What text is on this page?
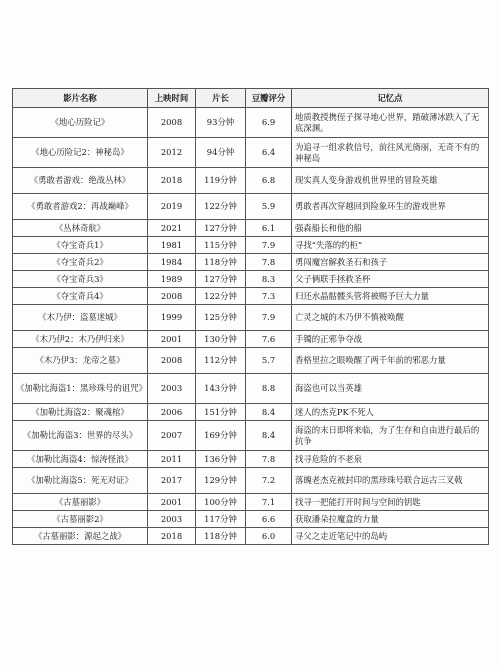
影片名称	上映时间	片长	豆瓣评分	记忆点
《地心历险记》	2008	93分钟	6.9	地质教授携侄子探寻地心世界，踏破薄冰跌入了无底深渊。
《地心历险记2：神秘岛》	2012	94分钟	6.4	为追寻一组求救信号，前往风光旖丽，无奇不有的神秘岛
《勇敢者游戏：绝战丛林》	2018	119分钟	6.8	现实真人变身游戏机世界里的冒险英雄
《勇敢者游戏2：再战巅峰》	2019	122分钟	5.9	勇敢者再次穿越回到险象环生的游戏世界
《丛林奇航》	2021	127分钟	6.1	强森船长和他的船
《夺宝奇兵1》	1981	115分钟	7.9	寻找“失落的约柜”
《夺宝奇兵2》	1984	118分钟	7.8	勇闯魔宫解救圣石和孩子
《夺宝奇兵3》	1989	127分钟	8.3	父子俩联手拯救圣杯
《夺宝奇兵4》	2008	122分钟	7.3	归还水晶骷髅头管将被赐予巨大力量
《木乃伊：盗墓迷城》	1999	125分钟	7.9	亡灵之城的木乃伊不慎被唤醒
《木乃伊2：木乃伊归来》	2001	130分钟	7.6	手镯的正邪争夺战
《木乃伊3：龙帝之墓》	2008	112分钟	5.7	香格里拉之眼唤醒了两千年前的邪恶力量
《加勒比海盗1：黑珍珠号的诅咒》	2003	143分钟	8.8	海盗也可以当英雄
《加勒比海盗2：聚魂棺》	2006	151分钟	8.4	迷人的杰克PK不死人
《加勒比海盗3：世界的尽头》	2007	169分钟	8.4	海盗的末日即将来临，为了生存和自由进行最后的抗争
《加勒比海盗4：惊涛怪浪》	2011	136分钟	7.8	找寻危险的不老泉
《加勒比海盗5：死无对证》	2017	129分钟	7.2	落魄老杰克被封印的黑珍珠号联合远古三叉戟
《古墓丽影》	2001	100分钟	7.1	找寻一把能打开时间与空间的钥匙
《古墓丽影2》	2003	117分钟	6.6	获取潘朵拉魔盒的力量
《古墓丽影：源起之战》	2018	118分钟	6.0	寻父之走近笔记中的岛屿
